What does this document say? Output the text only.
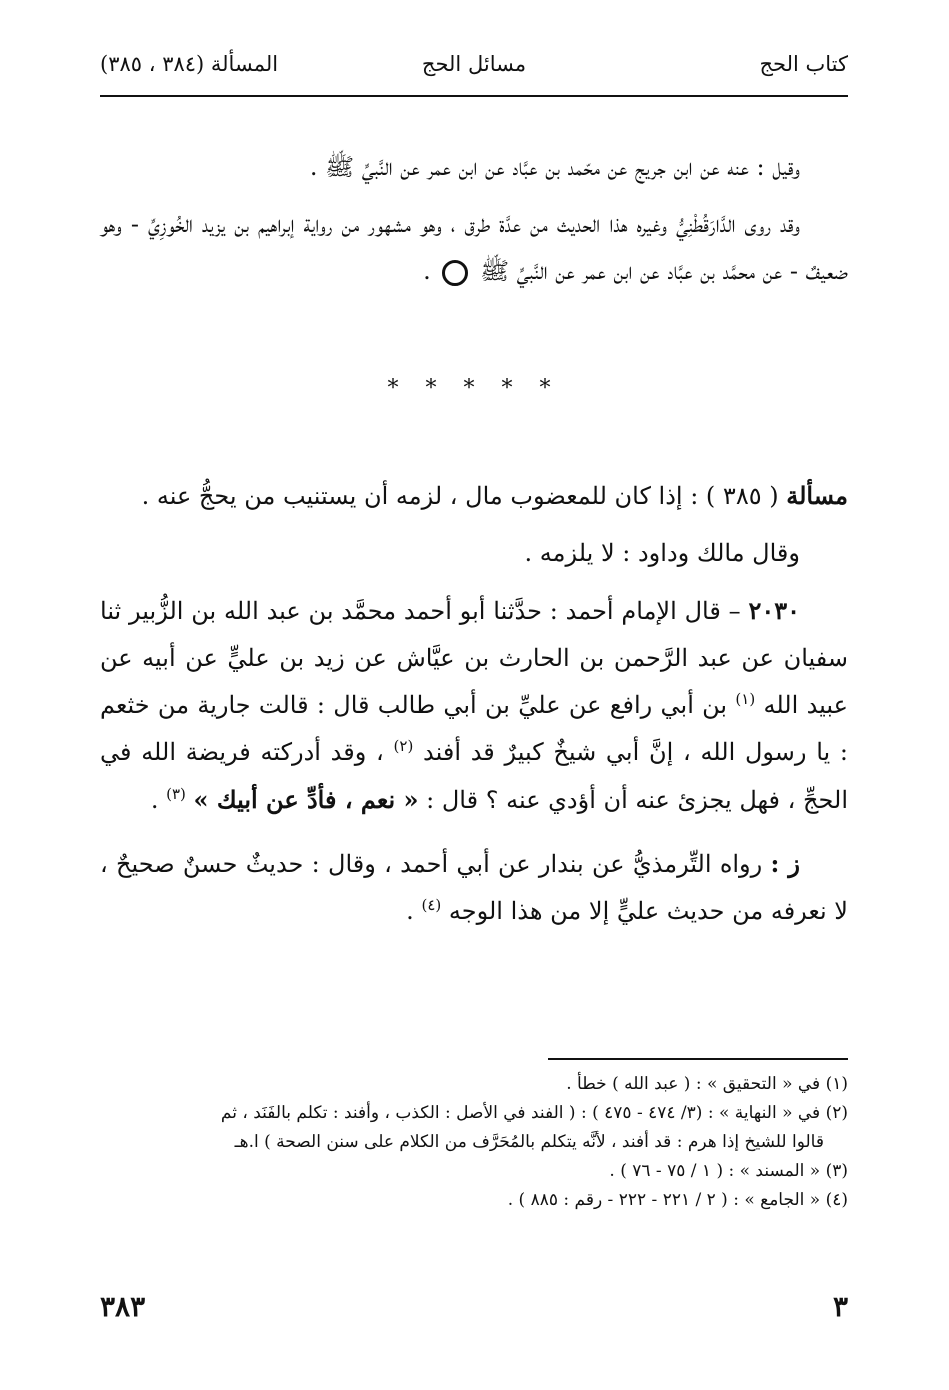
كتاب الحج
مسائل الحج
المسألة (٣٨٤ ، ٣٨٥)

وقيل : عنه عن ابن جريج عن محّمد بن عبَّاد عن ابن عمر عن النَّبيِّ ﷺ .

وقد روى الدَّارَقُطْنِيُّ وغيره هذا الحديث من عدَّة طرق ، وهو مشهور من رواية إبراهيم بن يزيد الخُوزِيِّ - وهو ضعيفٌ - عن محمَّد بن عبَّاد عن ابن عمر عن النَّبيِّ ﷺ  .

* * * * *

مسألة ( ٣٨٥ ) : إذا كان للمعضوب مال ، لزمه أن يستنيب من يحجُّ عنه .

وقال مالك وداود : لا يلزمه .

٢٠٣٠ – قال الإمام أحمد : حدَّثنا أبو أحمد محمَّد بن عبد الله بن الزُّبير ثنا سفيان عن عبد الرَّحمن بن الحارث بن عيَّاش عن زيد بن عليٍّ عن أبيه عن عبيد الله $^{(١)}$ بن أبي رافع عن عليِّ بن أبي طالب قال : قالت جارية من خثعم : يا رسول الله ، إنَّ أبي شيخٌ كبيرٌ قد أفند $^{(٢)}$ ، وقد أدركته فريضة الله في الحجِّ ، فهل يجزئ عنه أن أؤدي عنه ؟ قال : « نعم ، فأدِّ عن أبيك » $^{(٣)}$ .

ز : رواه التِّرمذيُّ عن بندار عن أبي أحمد ، وقال : حديثٌ حسنٌ صحيحٌ ، لا نعرفه من حديث عليٍّ إلا من هذا الوجه $^{(٤)}$ .

(١) في « التحقيق » : ( عبد الله ) خطأ .
(٢) في « النهاية » : (٣/ ٤٧٤ - ٤٧٥ ) : ( الفند في الأصل : الكذب ، وأفند : تكلم بالفَنَد ، ثم
قالوا للشيخ إذا هرم : قد أفند ، لأنَّه يتكلم بالمُحَرَّف من الكلام على سنن الصحة ) ا.هـ
(٣) « المسند » : ( ١ / ٧٥ - ٧٦ ) .
(٤) « الجامع » : ( ٢ / ٢٢١ - ٢٢٢ - رقم : ٨٨٥ ) .
٣
٣٨٣
